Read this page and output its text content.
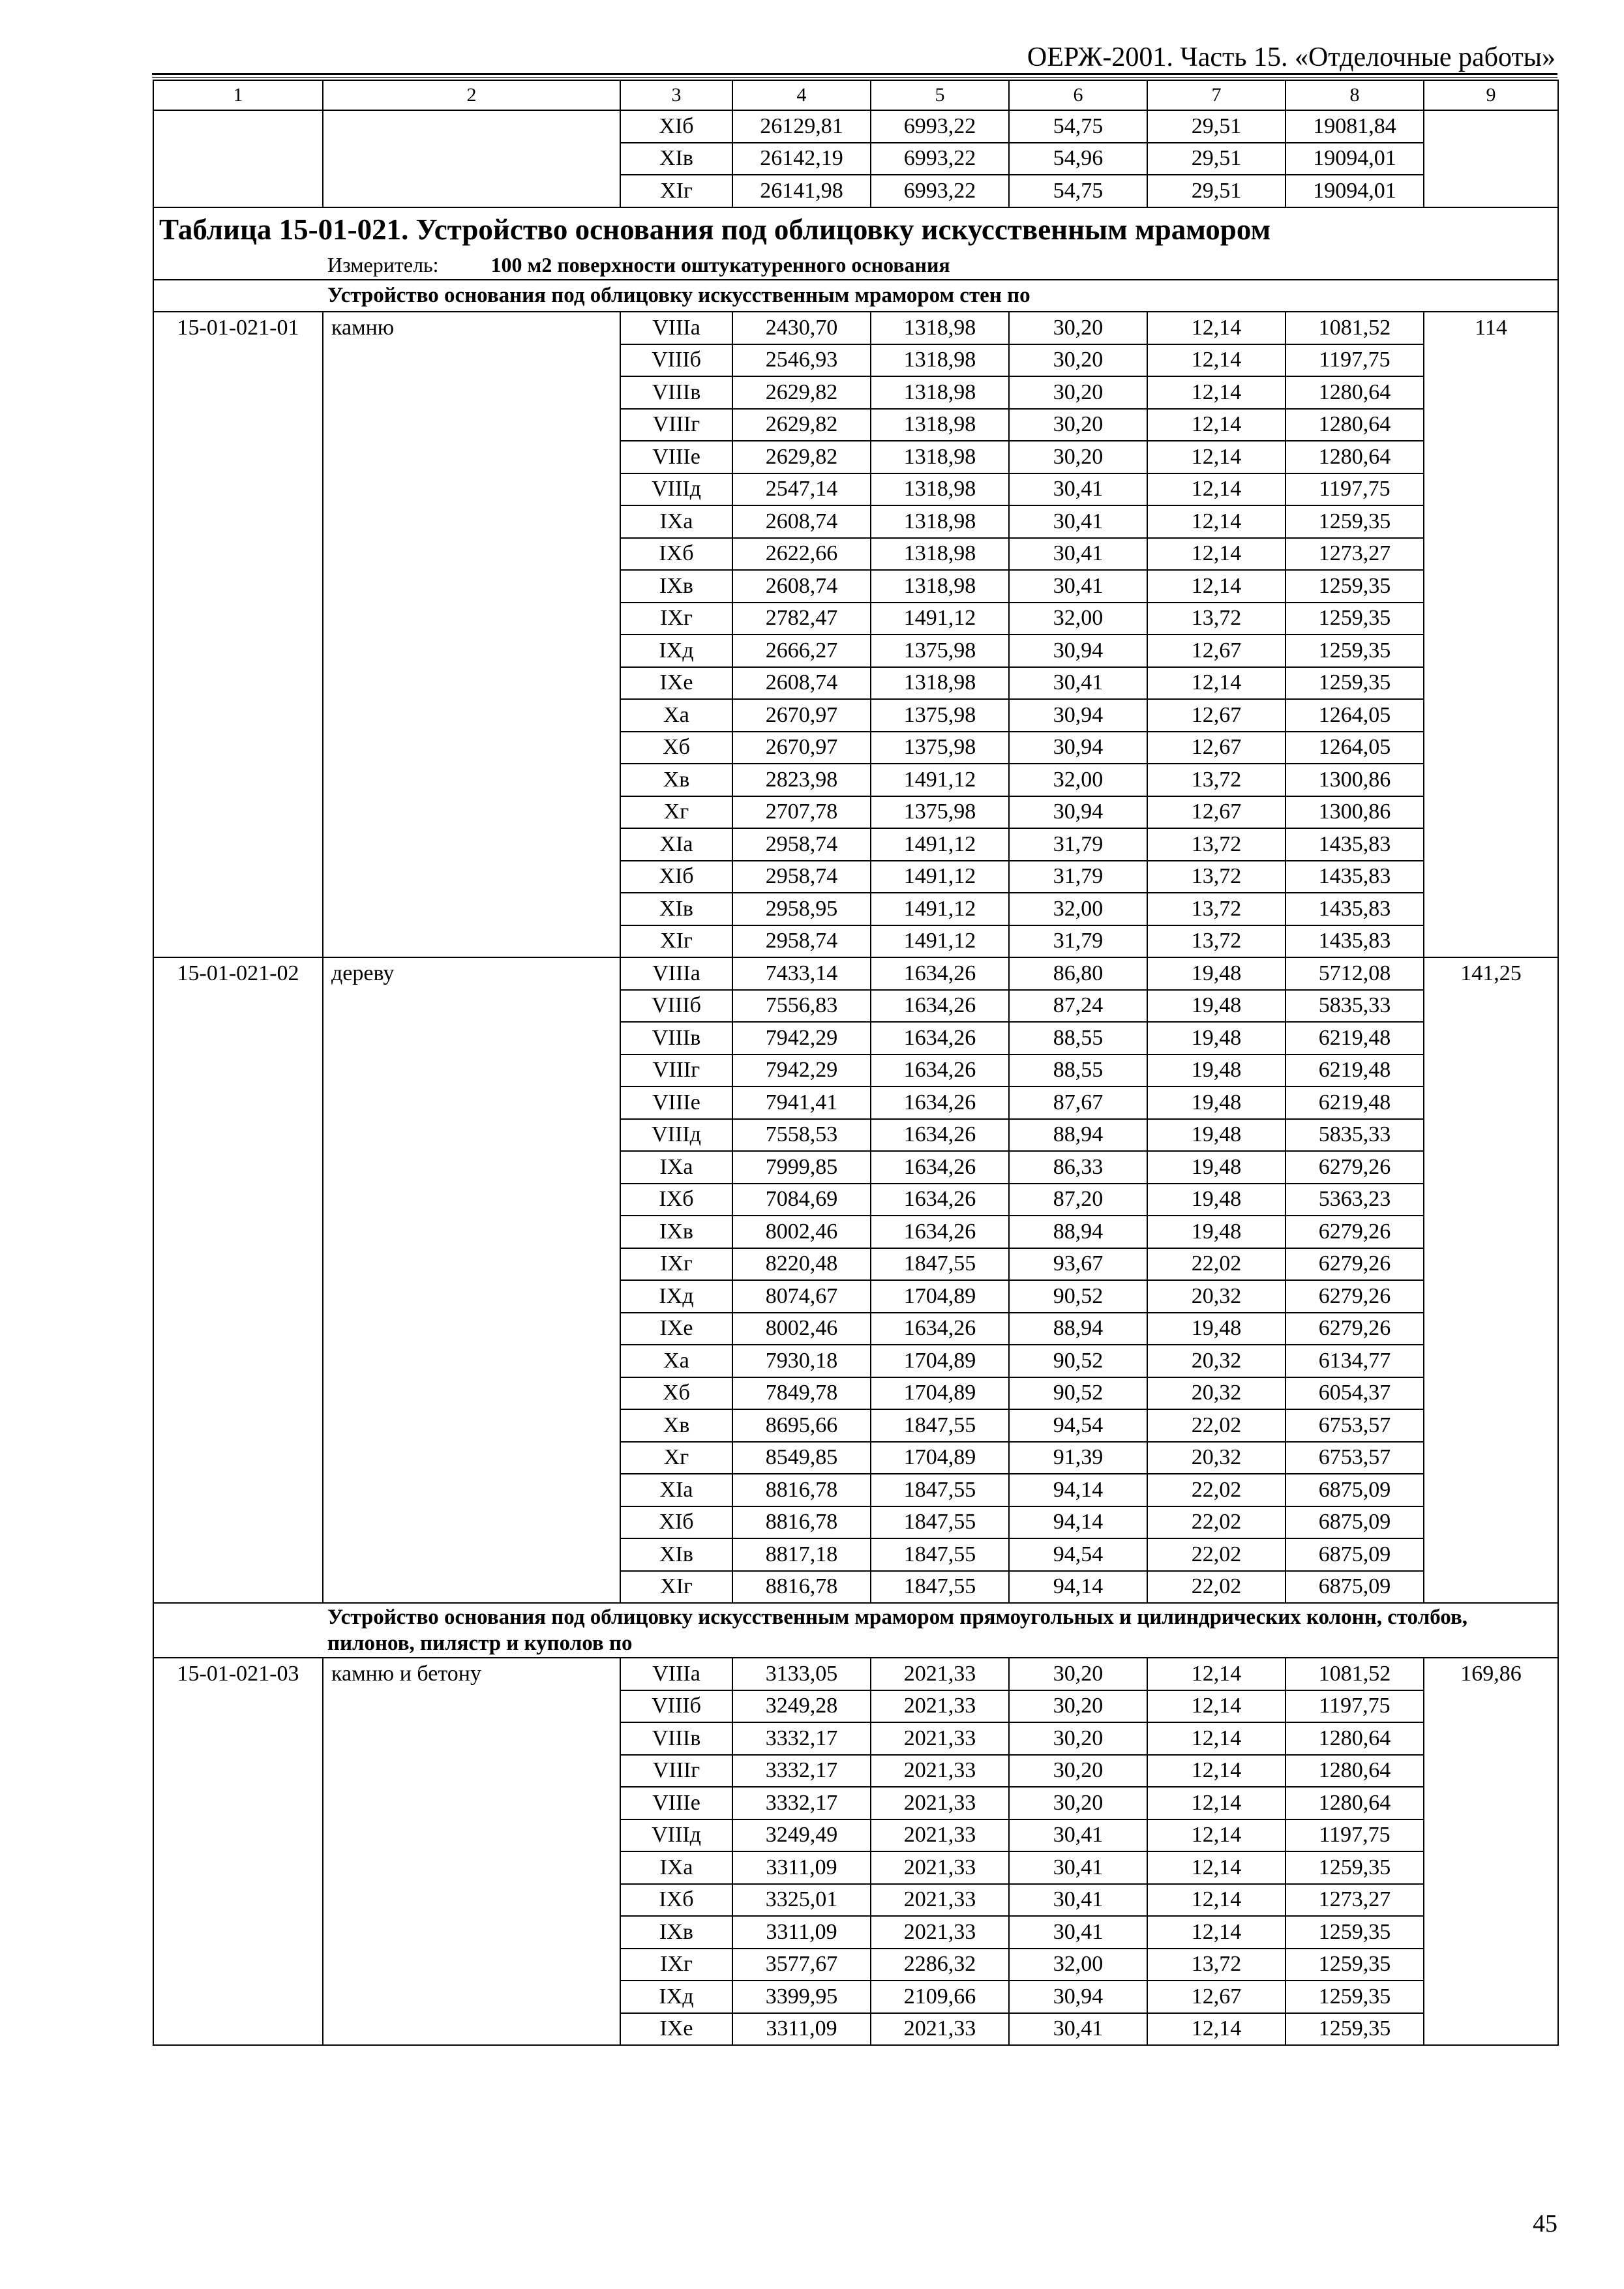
ОЕРЖ-2001. Часть 15. «Отделочные работы»
1	2	3	4	5	6	7	8	9
		XIб	26129,81	6993,22	54,75	29,51	19081,84	
		XIв	26142,19	6993,22	54,96	29,51	19094,01	
		XIг	26141,98	6993,22	54,75	29,51	19094,01	
Таблица 15-01-021. Устройство основания под облицовку искусственным мрамором								
Измеритель: 100 м2 поверхности оштукатуренного основания								
Устройство основания под облицовку искусственным мрамором стен по								
15-01-021-01	камню	VIIIа	2430,70	1318,98	30,20	12,14	1081,52	114
		VIIIб	2546,93	1318,98	30,20	12,14	1197,75	
		VIIIв	2629,82	1318,98	30,20	12,14	1280,64	
		VIIIг	2629,82	1318,98	30,20	12,14	1280,64	
		VIIIе	2629,82	1318,98	30,20	12,14	1280,64	
		VIIIд	2547,14	1318,98	30,41	12,14	1197,75	
		IXа	2608,74	1318,98	30,41	12,14	1259,35	
		IXб	2622,66	1318,98	30,41	12,14	1273,27	
		IXв	2608,74	1318,98	30,41	12,14	1259,35	
		IXг	2782,47	1491,12	32,00	13,72	1259,35	
		IXд	2666,27	1375,98	30,94	12,67	1259,35	
		IXе	2608,74	1318,98	30,41	12,14	1259,35	
		Xа	2670,97	1375,98	30,94	12,67	1264,05	
		Xб	2670,97	1375,98	30,94	12,67	1264,05	
		Xв	2823,98	1491,12	32,00	13,72	1300,86	
		Xг	2707,78	1375,98	30,94	12,67	1300,86	
		XIа	2958,74	1491,12	31,79	13,72	1435,83	
		XIб	2958,74	1491,12	31,79	13,72	1435,83	
		XIв	2958,95	1491,12	32,00	13,72	1435,83	
		XIг	2958,74	1491,12	31,79	13,72	1435,83	
15-01-021-02	дереву	VIIIа	7433,14	1634,26	86,80	19,48	5712,08	141,25
		VIIIб	7556,83	1634,26	87,24	19,48	5835,33	
		VIIIв	7942,29	1634,26	88,55	19,48	6219,48	
		VIIIг	7942,29	1634,26	88,55	19,48	6219,48	
		VIIIе	7941,41	1634,26	87,67	19,48	6219,48	
		VIIIд	7558,53	1634,26	88,94	19,48	5835,33	
		IXа	7999,85	1634,26	86,33	19,48	6279,26	
		IXб	7084,69	1634,26	87,20	19,48	5363,23	
		IXв	8002,46	1634,26	88,94	19,48	6279,26	
		IXг	8220,48	1847,55	93,67	22,02	6279,26	
		IXд	8074,67	1704,89	90,52	20,32	6279,26	
		IXе	8002,46	1634,26	88,94	19,48	6279,26	
		Xа	7930,18	1704,89	90,52	20,32	6134,77	
		Xб	7849,78	1704,89	90,52	20,32	6054,37	
		Xв	8695,66	1847,55	94,54	22,02	6753,57	
		Xг	8549,85	1704,89	91,39	20,32	6753,57	
		XIа	8816,78	1847,55	94,14	22,02	6875,09	
		XIб	8816,78	1847,55	94,14	22,02	6875,09	
		XIв	8817,18	1847,55	94,54	22,02	6875,09	
		XIг	8816,78	1847,55	94,14	22,02	6875,09	
Устройство основания под облицовку искусственным мрамором прямоугольных и цилиндрических колонн, столбов, пилонов, пилястр и куполов по								
15-01-021-03	камню и бетону	VIIIа	3133,05	2021,33	30,20	12,14	1081,52	169,86
		VIIIб	3249,28	2021,33	30,20	12,14	1197,75	
		VIIIв	3332,17	2021,33	30,20	12,14	1280,64	
		VIIIг	3332,17	2021,33	30,20	12,14	1280,64	
		VIIIе	3332,17	2021,33	30,20	12,14	1280,64	
		VIIIд	3249,49	2021,33	30,41	12,14	1197,75	
		IXа	3311,09	2021,33	30,41	12,14	1259,35	
		IXб	3325,01	2021,33	30,41	12,14	1273,27	
		IXв	3311,09	2021,33	30,41	12,14	1259,35	
		IXг	3577,67	2286,32	32,00	13,72	1259,35	
		IXд	3399,95	2109,66	30,94	12,67	1259,35	
		IXе	3311,09	2021,33	30,41	12,14	1259,35	
45
